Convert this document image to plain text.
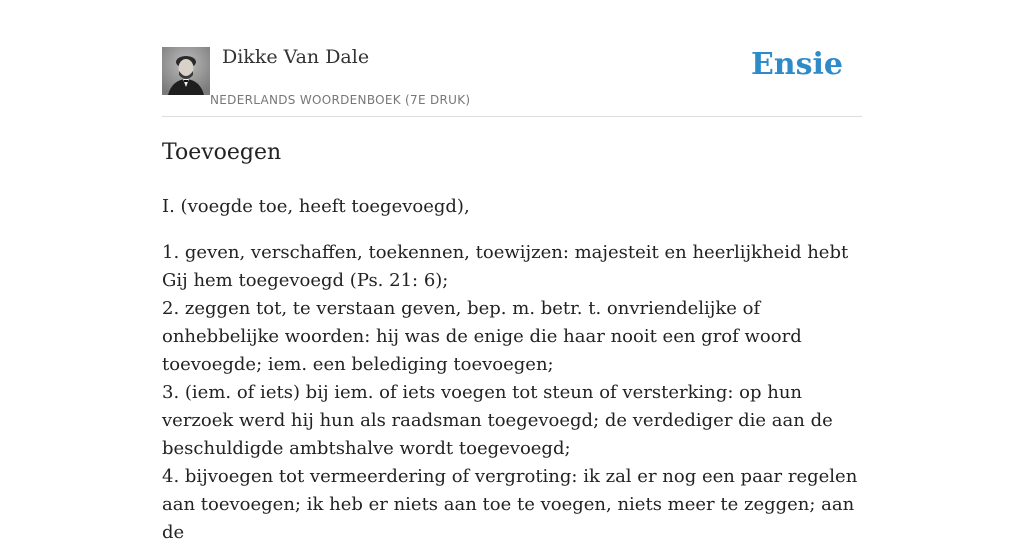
Dikke Van Dale
NEDERLANDS WOORDENBOEK (7E DRUK)
Ensie
Toevoegen

I. (voegde toe, heeft toegevoegd),

1. geven, verschaffen, toekennen, toewijzen: majesteit en heerlijkheid hebt Gij hem toegevoegd (Ps. 21: 6);
2. zeggen tot, te verstaan geven, bep. m. betr. t. onvriendelijke of onhebbelijke woorden: hij was de enige die haar nooit een grof woord toevoegde; iem. een belediging toevoegen;
3. (iem. of iets) bij iem. of iets voegen tot steun of versterking: op hun verzoek werd hij hun als raadsman toegevoegd; de verdediger die aan de beschuldigde ambtshalve wordt toegevoegd;
4. bijvoegen tot vermeerdering of vergroting: ik zal er nog een paar regelen aan toevoegen; ik heb er niets aan toe te voegen, niets meer te zeggen; aan de
